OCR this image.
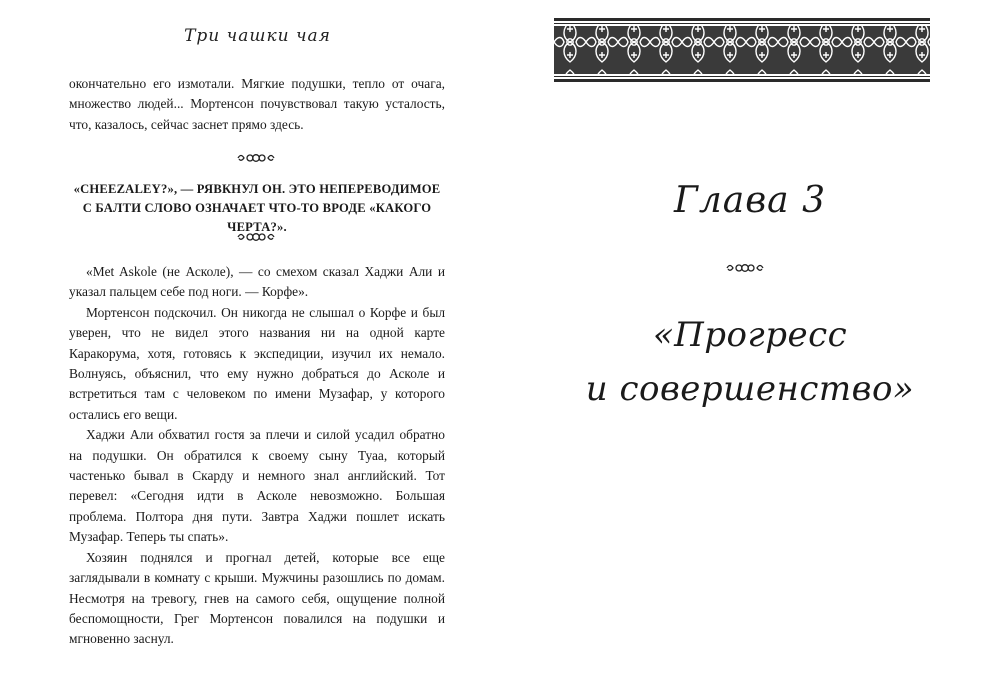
Три чашки чая

окончательно его измотали. Мягкие подушки, тепло от очага, множество людей... Мортенсон почувствовал такую усталость, что, казалось, сейчас заснет прямо здесь.

«CHEEZALEY?», — РЯВКНУЛ ОН. ЭТО НЕПЕРЕВОДИМОЕ
С БАЛТИ СЛОВО ОЗНАЧАЕТ ЧТО-ТО ВРОДЕ «КАКОГО ЧЕРТА?».

«Met Askole (не Асколе), — со смехом сказал Хаджи Али и указал пальцем себе под ноги. — Корфе».

Мортенсон подскочил. Он никогда не слышал о Корфе и был уверен, что не видел этого названия ни на одной карте Каракорума, хотя, готовясь к экспедиции, изучил их немало. Волнуясь, объяснил, что ему нужно добраться до Асколе и встретиться там с человеком по имени Музафар, у которого остались его вещи.

Хаджи Али обхватил гостя за плечи и силой усадил обратно на подушки. Он обратился к своему сыну Туаа, который частенько бывал в Скарду и немного знал английский. Тот перевел: «Сегодня идти в Асколе невозможно. Большая проблема. Полтора дня пути. Завтра Хаджи пошлет искать Музафар. Теперь ты спать».

Хозяин поднялся и прогнал детей, которые все еще заглядывали в комнату с крыши. Мужчины разошлись по домам. Несмотря на тревогу, гнев на самого себя, ощущение полной беспомощности, Грег Мортенсон повалился на подушки и мгновенно заснул.

Глава 3
«Прогресс
и совершенство»
